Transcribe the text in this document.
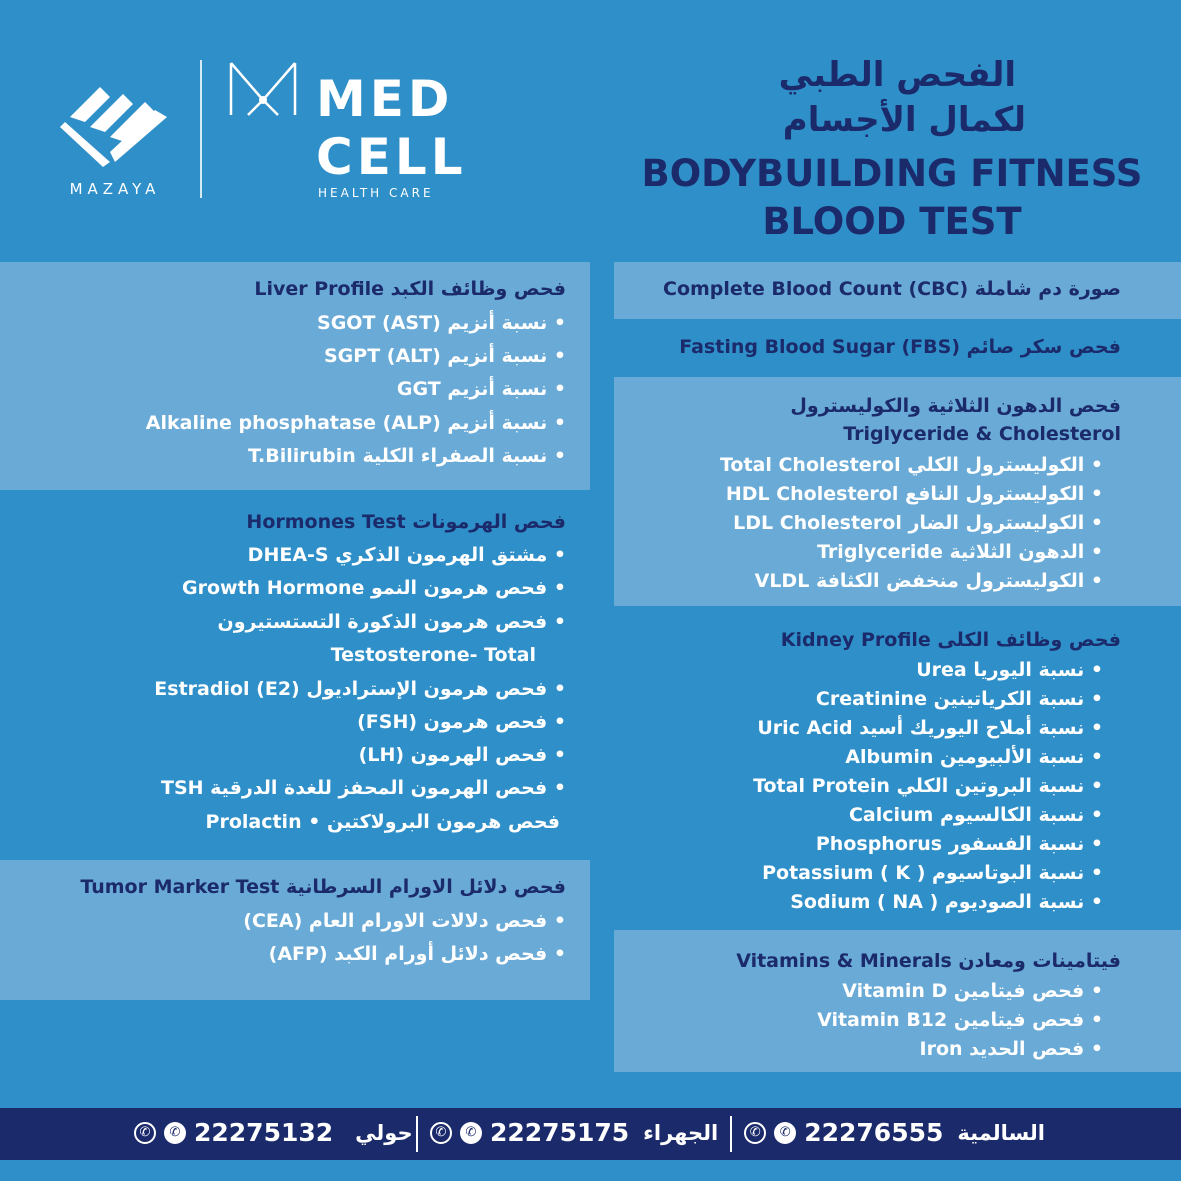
MAZAYA
MED
CELL
HEALTH CARE
الفحص الطبي
لكمال الأجسام
BODYBUILDING FITNESS
BLOOD TEST
صورة دم شاملة Complete Blood Count (CBC)
فحص سكر صائم Fasting Blood Sugar (FBS)
فحص الدهون الثلاثية والكوليسترول
Triglyceride & Cholesterol
• الكوليسترول الكلي Total Cholesterol
• الكوليسترول النافع HDL Cholesterol
• الكوليسترول الضار LDL Cholesterol
• الدهون الثلاثية Triglyceride
• الكوليسترول منخفض الكثافة VLDL
فحص وظائف الكلى Kidney Profile
• نسبة اليوريا Urea
• نسبة الكرياتينين Creatinine
• نسبة أملاح اليوريك أسيد Uric Acid
• نسبة الألبيومين Albumin
• نسبة البروتين الكلي Total Protein
• نسبة الكالسيوم Calcium
• نسبة الفسفور Phosphorus
• نسبة البوتاسيوم ( Potassium ( K
• نسبة الصوديوم ( Sodium ( NA
فيتامينات ومعادن Vitamins & Minerals
• فحص فيتامين Vitamin D
• فحص فيتامين Vitamin B12
• فحص الحديد Iron
فحص وظائف الكبد Liver Profile
• نسبة أنزيم (SGOT (AST
• نسبة أنزيم (SGPT (ALT
• نسبة أنزيم GGT
• نسبة أنزيم (Alkaline phosphatase (ALP
• نسبة الصفراء الكلية T.Bilirubin
فحص الهرمونات Hormones Test
• مشتق الهرمون الذكري DHEA-S
• فحص هرمون النمو Growth Hormone
• فحص هرمون الذكورة التستستيرون
Testosterone- Total
• فحص هرمون الإستراديول (Estradiol (E2
• فحص هرمون (FSH)
• فحص الهرمون (LH)
• فحص الهرمون المحفز للغدة الدرقية TSH
فحص هرمون البرولاكتين • Prolactin
فحص دلائل الاورام السرطانية Tumor Marker Test
• فحص دلالات الاورام العام (CEA)
• فحص دلائل أورام الكبد (AFP)
✆	✆ 22276555 السالمية
✆	✆ 22275175 الجهراء
✆	✆ 22275132 حولي
